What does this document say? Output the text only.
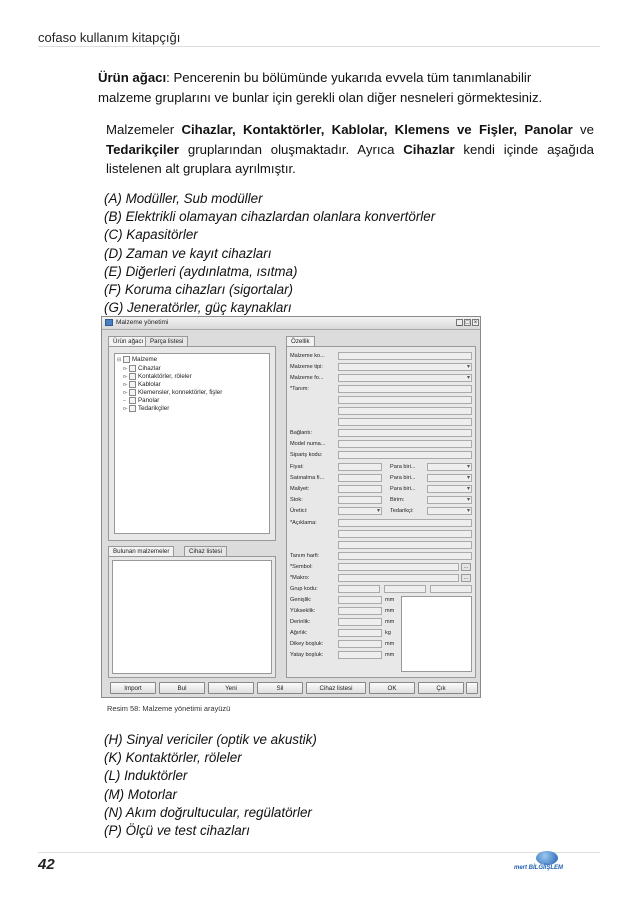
cofaso kullanım kitapçığı
Ürün ağacı: Pencerenin bu bölümünde yukarıda evvela tüm tanımlanabilir malzeme gruplarını ve bunlar için gerekli olan diğer nesneleri görmektesiniz.
Malzemeler Cihazlar, Kontaktörler, Kablolar, Klemens ve Fişler, Panolar ve Tedarikçiler gruplarından oluşmaktadır. Ayrıca Cihazlar kendi içinde aşağıda listelenen alt gruplara ayrılmıştır.
(A) Modüller, Sub modüller
(B) Elektrikli olamayan cihazlardan olanlara konvertörler
(C) Kapasitörler
(D) Zaman ve kayıt cihazları
(E) Diğerleri (aydınlatma, ısıtma)
(F) Koruma cihazları (sigortalar)
(G) Jeneratörler, güç kaynakları
Malzeme yönetimi	_ □ ×
Ürün ağacı	Parça listesi
⊟ Malzeme
o- Cihazlar
o- Kontaktörler, röleler
o- Kablolar
o- Klemensler, konnektörler, fişler
– Panolar
o- Tedarikçiler
Bulunan malzemeler	Cihaz listesi
Özellik
Malzeme ko...
Malzeme tipi:
▾
Malzeme fo...
▾
*Tanım:
Bağlantı:
Model numa...
Sipariş kodu:
Fiyat:	Para biri...
▾
Satınalma fi...	Para biri...
▾
Maliyet:	Para biri...
▾
Stok:	Birim:
▾
Üretici:
▾	Tedarikçi:
▾
*Açıklama:
Tanım harfi:
*Sembol:	...
*Makro:	...
Grup kodu:
Genişlik:	mm
Yükseklik:	mm
Derinlik:	mm
Ağırlık:	kg
Dikey boşluk:	mm
Yatay boşluk:	mm
Import	Bul	Yeni	Sil	Cihaz listesi	OK	Çık
Resim 58: Malzeme yönetimi arayüzü
(H) Sinyal vericiler (optik ve akustik)
(K) Kontaktörler, röleler
(L) Induktörler
(M) Motorlar
(N) Akım doğrultucular, regülatörler
(P) Ölçü ve test cihazları
42	mert BİLGİİŞLEM
